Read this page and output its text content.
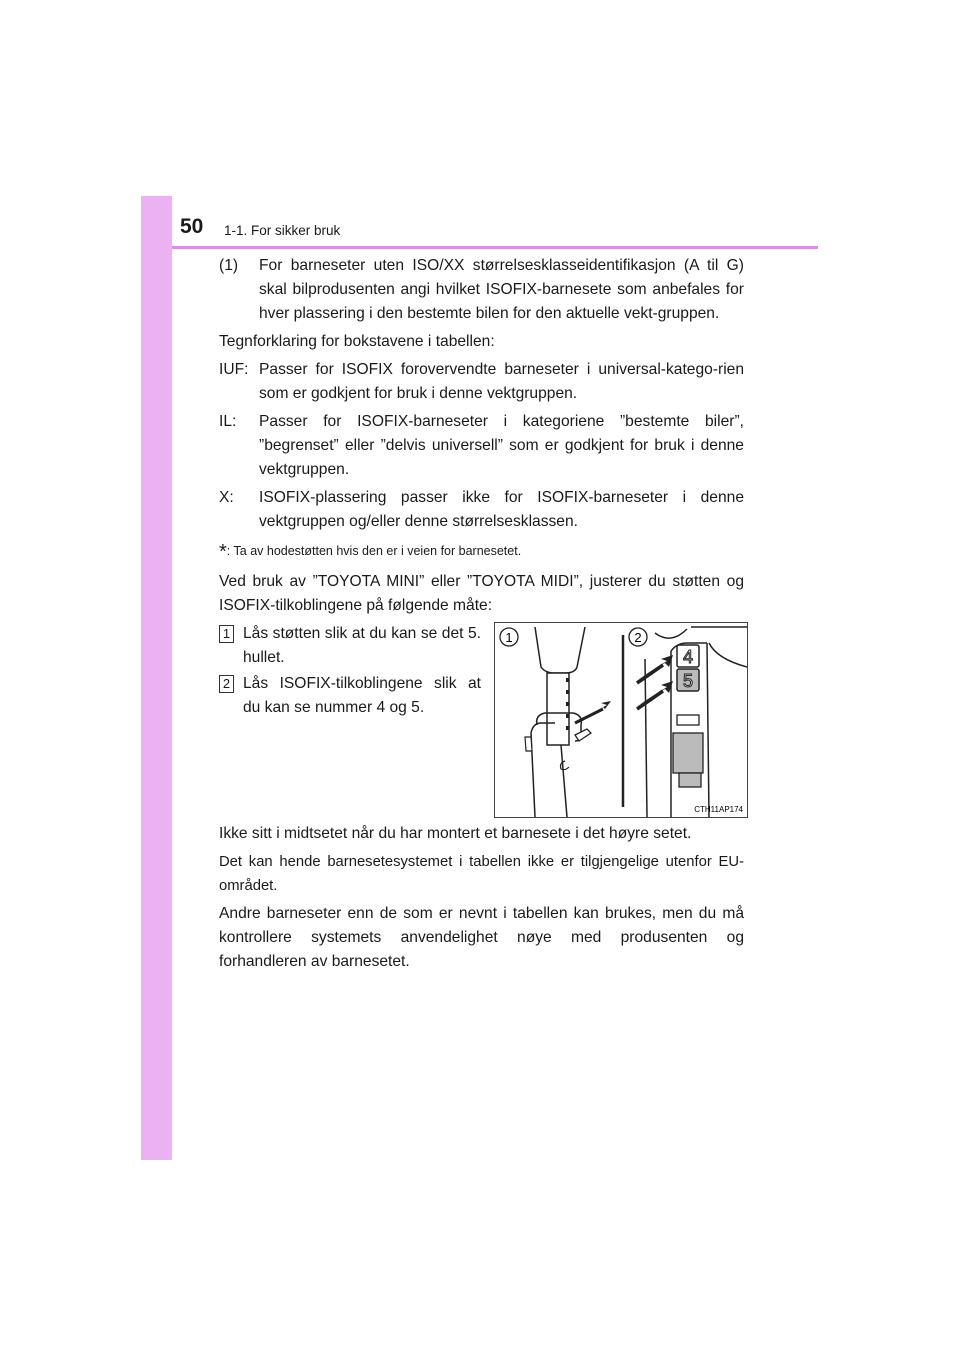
50 1-1. For sikker bruk
(1)	For barneseter uten ISO/XX størrelsesklasseidentifikasjon (A til G) skal bilprodusenten angi hvilket ISOFIX-barnesete som anbefales for hver plassering i den bestemte bilen for den aktuelle vekt-gruppen.

Tegnforklaring for bokstavene i tabellen:

IUF: Passer for ISOFIX forovervendte barneseter i universal-katego-rien som er godkjent for bruk i denne vektgruppen.
IL:	Passer for ISOFIX-barneseter i kategoriene ”bestemte biler”, ”begrenset” eller ”delvis universell” som er godkjent for bruk i denne vektgruppen.
X:	ISOFIX-plassering passer ikke for ISOFIX-barneseter i denne vektgruppen og/eller denne størrelsesklassen.

*: Ta av hodestøtten hvis den er i veien for barnesetet.

Ved bruk av ”TOYOTA MINI” eller ”TOYOTA MIDI”, justerer du støtten og ISOFIX-tilkoblingene på følgende måte:

1 Lås støtten slik at du kan se det 5. hullet.
2 Lås ISOFIX-tilkoblingene slik at du kan se nummer 4 og 5.
1	2
4
5
CTH11AP174

Ikke sitt i midtsetet når du har montert et barnesete i det høyre setet.

Det kan hende barnesetesystemet i tabellen ikke er tilgjengelige utenfor EU-området.

Andre barneseter enn de som er nevnt i tabellen kan brukes, men du må kontrollere systemets anvendelighet nøye med produsenten og forhandleren av barnesetet.
